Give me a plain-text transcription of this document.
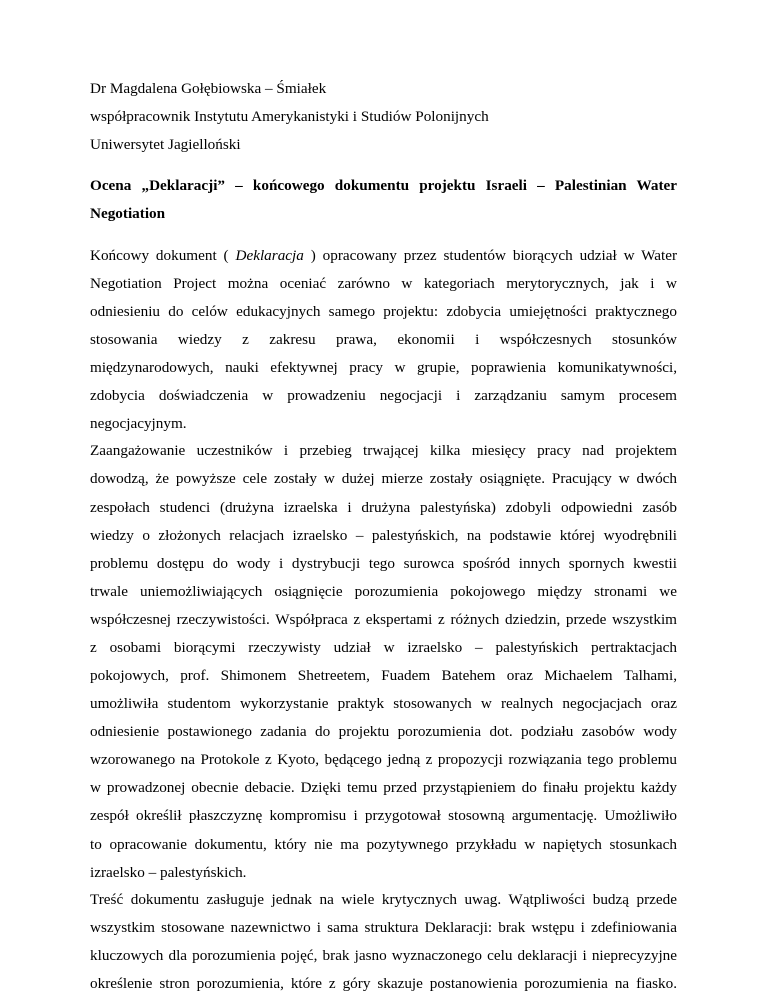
Dr Magdalena Gołębiowska – Śmiałek
współpracownik Instytutu Amerykanistyki i Studiów Polonijnych
Uniwersytet Jagielloński
Ocena „Deklaracji” – końcowego dokumentu projektu Israeli – Palestinian Water
Negotiation
Końcowy dokument ( Deklaracja ) opracowany przez studentów biorących udział w Water
Negotiation Project można oceniać zarówno w kategoriach merytorycznych, jak i w
odniesieniu do celów edukacyjnych samego projektu: zdobycia umiejętności praktycznego
stosowania wiedzy z zakresu prawa, ekonomii i współczesnych stosunków
międzynarodowych, nauki efektywnej pracy w grupie, poprawienia komunikatywności,
zdobycia doświadczenia w prowadzeniu negocjacji i zarządzaniu samym procesem
negocjacyjnym.
Zaangażowanie uczestników i przebieg trwającej kilka miesięcy pracy nad projektem
dowodzą, że powyższe cele zostały w dużej mierze zostały osiągnięte. Pracujący w dwóch
zespołach studenci (drużyna izraelska i drużyna palestyńska) zdobyli odpowiedni zasób
wiedzy o złożonych relacjach izraelsko – palestyńskich, na podstawie której wyodrębnili
problemu dostępu do wody i dystrybucji tego surowca spośród innych spornych kwestii
trwale uniemożliwiających osiągnięcie porozumienia pokojowego między stronami we
współczesnej rzeczywistości. Współpraca z ekspertami z różnych dziedzin, przede wszystkim
z osobami biorącymi rzeczywisty udział w izraelsko – palestyńskich pertraktacjach
pokojowych, prof. Shimonem Shetreetem, Fuadem Batehem oraz Michaelem Talhami,
umożliwiła studentom wykorzystanie praktyk stosowanych w realnych negocjacjach oraz
odniesienie postawionego zadania do projektu porozumienia dot. podziału zasobów wody
wzorowanego na Protokole z Kyoto, będącego jedną z propozycji rozwiązania tego problemu
w prowadzonej obecnie debacie. Dzięki temu przed przystąpieniem do finału projektu każdy
zespół określił płaszczyznę kompromisu i przygotował stosowną argumentację. Umożliwiło
to opracowanie dokumentu, który nie ma pozytywnego przykładu w napiętych stosunkach
izraelsko – palestyńskich.
Treść dokumentu zasługuje jednak na wiele krytycznych uwag. Wątpliwości budzą przede
wszystkim stosowane nazewnictwo i sama struktura Deklaracji: brak wstępu i zdefiniowania
kluczowych dla porozumienia pojęć, brak jasno wyznaczonego celu deklaracji i nieprecyzyjne
określenie stron porozumienia, które z góry skazuje postanowienia porozumienia na fiasko.
